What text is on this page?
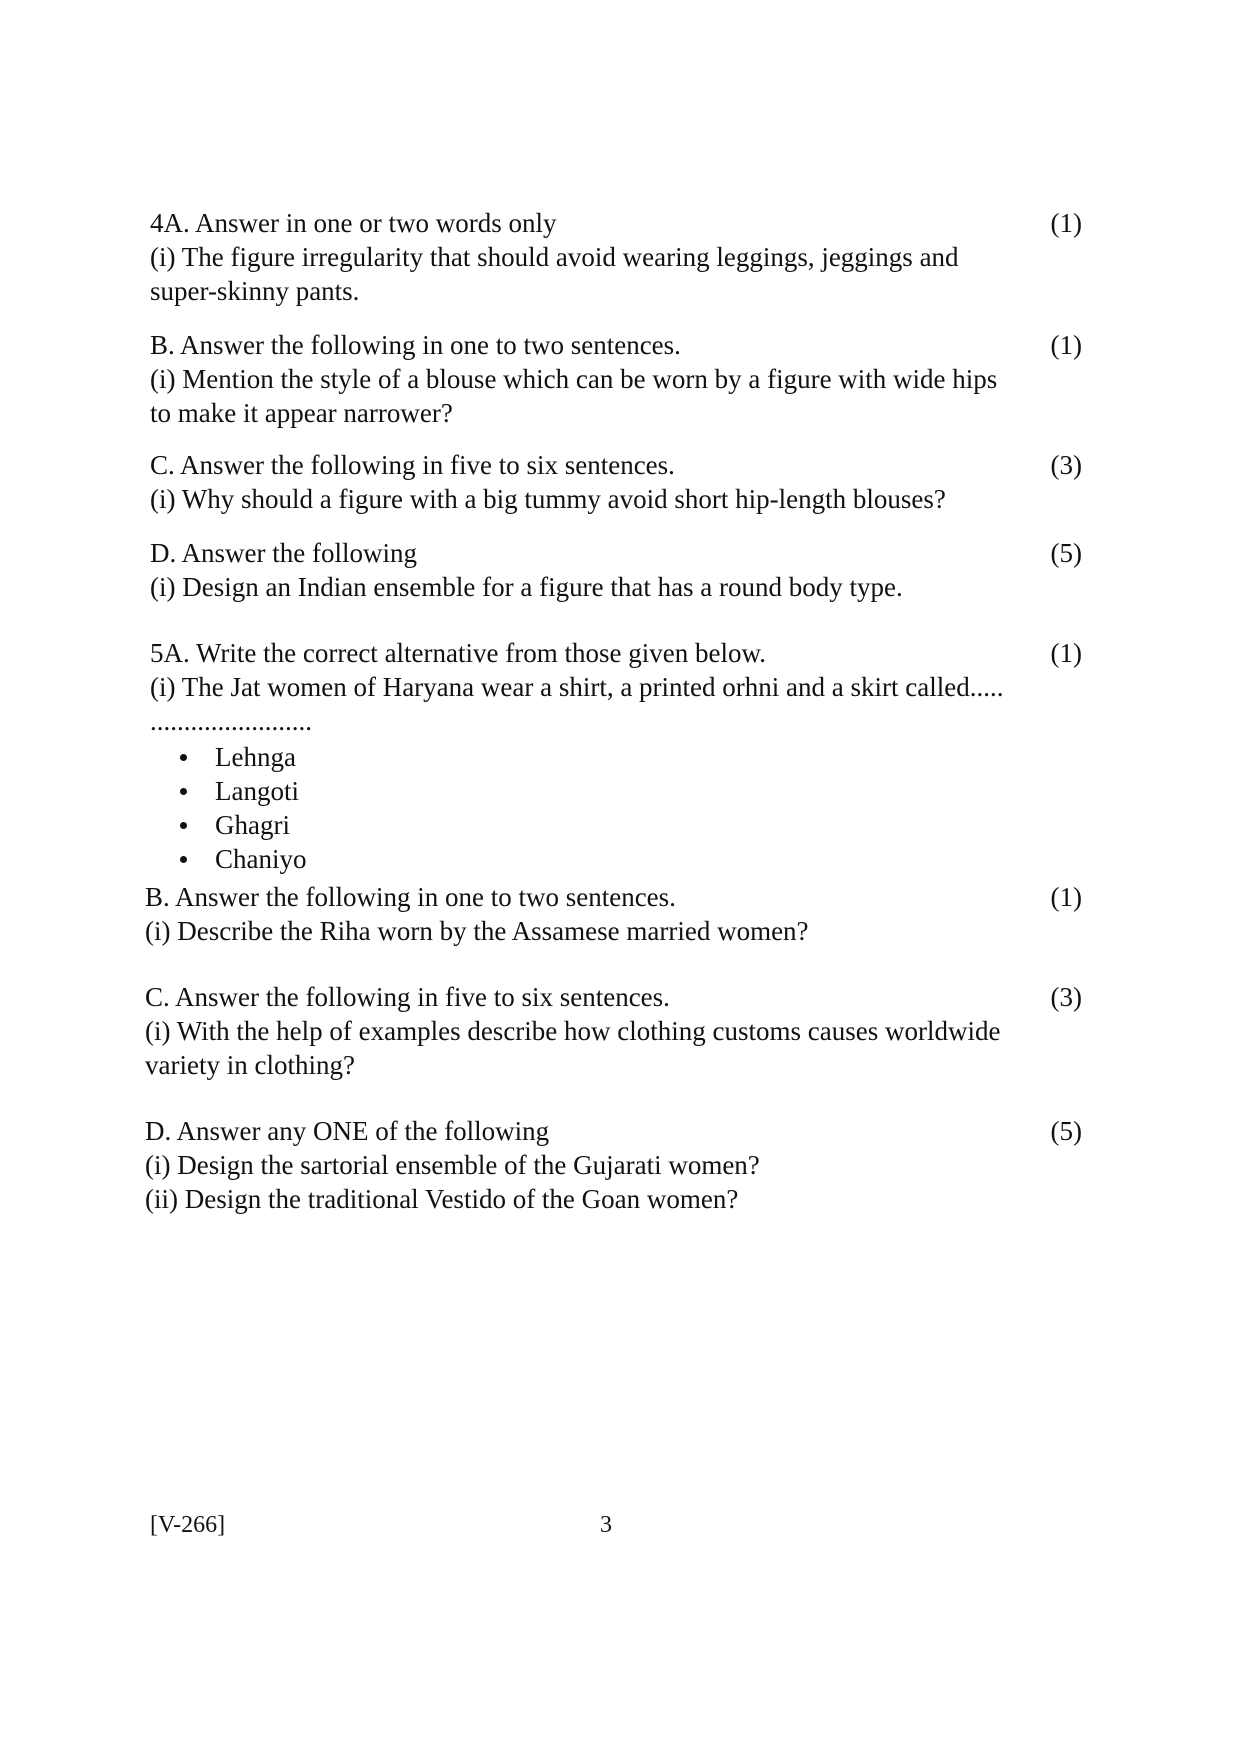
4A. Answer in one or two words only	(1)
(i) The figure irregularity that should avoid wearing leggings, jeggings and
super-skinny pants.
B. Answer the following in one to two sentences.	(1)
(i) Mention the style of a blouse which can be worn by a figure with wide hips
to make it appear narrower?
C. Answer the following in five to six sentences.	(3)
(i) Why should a figure with a big tummy avoid short hip-length blouses?
D. Answer the following	(5)
(i) Design an Indian ensemble for a figure that has a round body type.
5A. Write the correct alternative from those given below.	(1)
(i) The Jat women of Haryana wear a shirt, a printed orhni and a skirt called.....
........................
Lehnga
Langoti
Ghagri
Chaniyo
B. Answer the following in one to two sentences.	(1)
(i) Describe the Riha worn by the Assamese married women?
C. Answer the following in five to six sentences.	(3)
(i) With the help of examples describe how clothing customs causes worldwide
variety in clothing?
D. Answer any ONE of the following	(5)
(i) Design the sartorial ensemble of the Gujarati women?
(ii) Design the traditional Vestido of the Goan women?
[V-266]	3
